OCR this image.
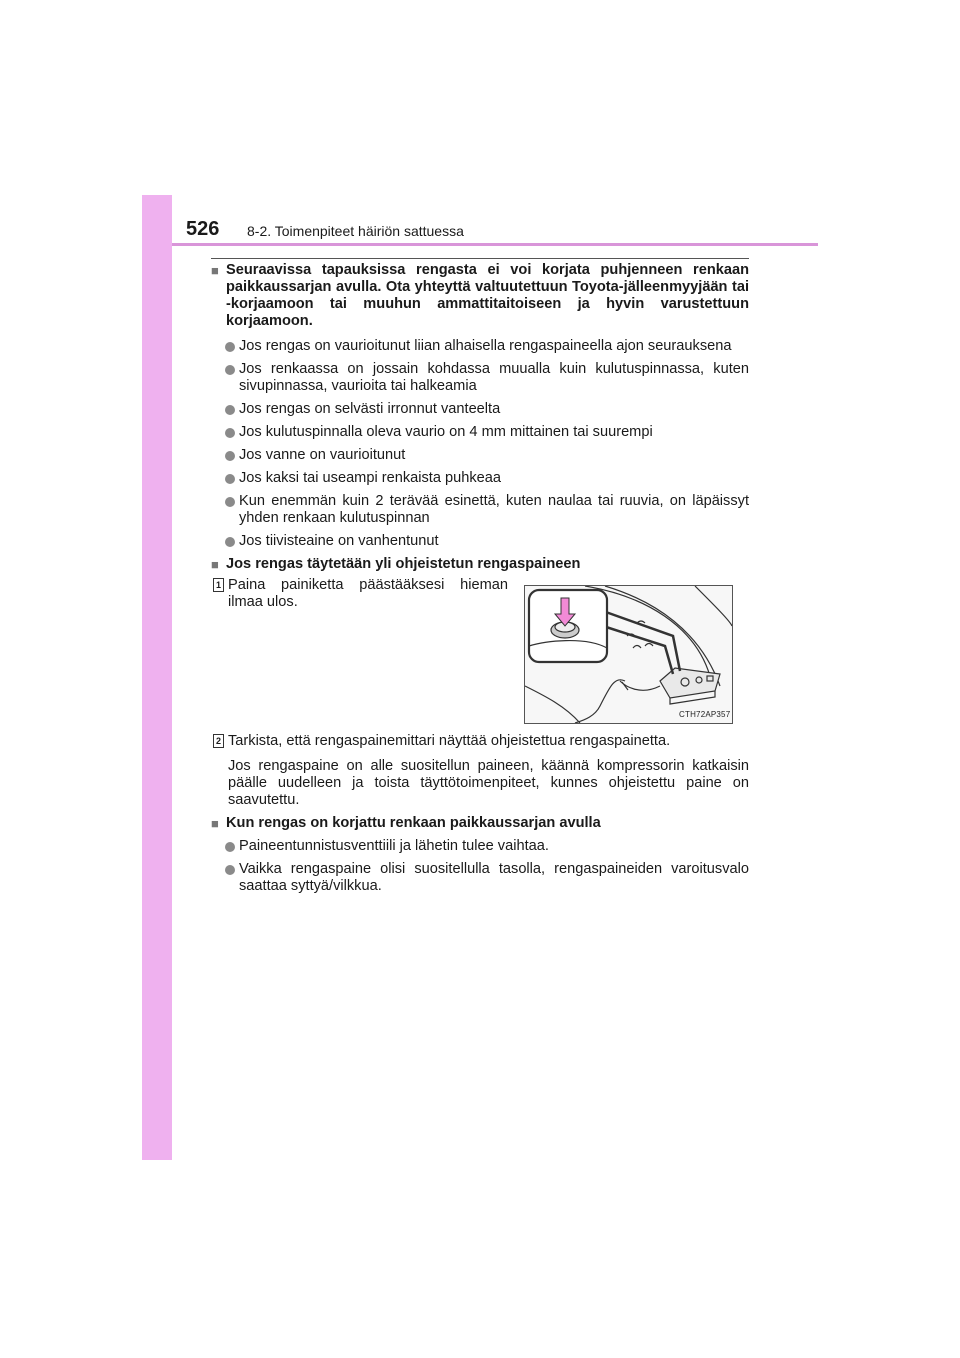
526 8-2. Toimenpiteet häiriön sattuessa
■ Seuraavissa tapauksissa rengasta ei voi korjata puhjenneen renkaan paikkaussarjan avulla. Ota yhteyttä valtuutettuun Toyota-jälleenmyyjään tai -korjaamoon tai muuhun ammattitaitoiseen ja hyvin varustettuun korjaamoon.
Jos rengas on vaurioitunut liian alhaisella rengaspaineella ajon seurauksena
Jos renkaassa on jossain kohdassa muualla kuin kulutuspinnassa, kuten sivupinnassa, vaurioita tai halkeamia
Jos rengas on selvästi irronnut vanteelta
Jos kulutuspinnalla oleva vaurio on 4 mm mittainen tai suurempi
Jos vanne on vaurioitunut
Jos kaksi tai useampi renkaista puhkeaa
Kun enemmän kuin 2 terävää esinettä, kuten naulaa tai ruuvia, on läpäissyt yhden renkaan kulutuspinnan
Jos tiivisteaine on vanhentunut
■ Jos rengas täytetään yli ohjeistetun rengaspaineen
1 Paina painiketta päästääksesi hieman ilmaa ulos.
2 Tarkista, että rengaspainemittari näyttää ohjeistettua rengaspainetta.
Jos rengaspaine on alle suositellun paineen, käännä kompressorin katkaisin päälle uudelleen ja toista täyttötoimenpiteet, kunnes ohjeistettu paine on saavutettu.
■ Kun rengas on korjattu renkaan paikkaussarjan avulla
Paineentunnistusventtiili ja lähetin tulee vaihtaa.
Vaikka rengaspaine olisi suositellulla tasolla, rengaspaineiden varoitusvalo saattaa syttyä/vilkkua.
CTH72AP357
